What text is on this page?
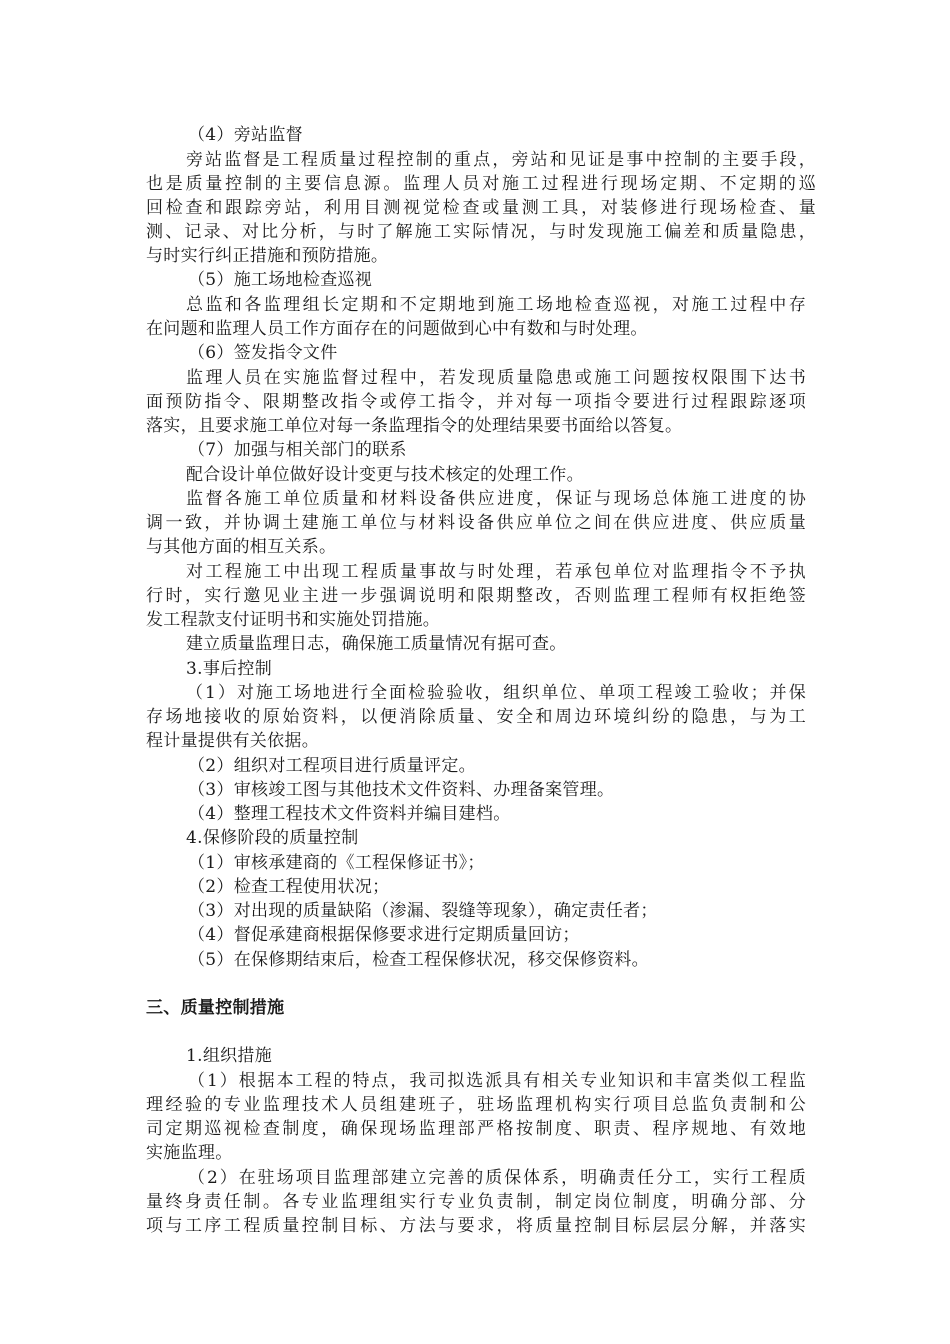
（4）旁站监督
旁站监督是工程质量过程控制的重点，旁站和见证是事中控制的主要手段，
也是质量控制的主要信息源。监理人员对施工过程进行现场定期、不定期的巡
回检查和跟踪旁站，利用目测视觉检查或量测工具，对装修进行现场检查、量
测、记录、对比分析，与时了解施工实际情况，与时发现施工偏差和质量隐患，
与时实行纠正措施和预防措施。
（5）施工场地检查巡视
总监和各监理组长定期和不定期地到施工场地检查巡视，对施工过程中存
在问题和监理人员工作方面存在的问题做到心中有数和与时处理。
（6）签发指令文件
监理人员在实施监督过程中，若发现质量隐患或施工问题按权限围下达书
面预防指令、限期整改指令或停工指令，并对每一项指令要进行过程跟踪逐项
落实，且要求施工单位对每一条监理指令的处理结果要书面给以答复。
（7）加强与相关部门的联系
配合设计单位做好设计变更与技术核定的处理工作。
监督各施工单位质量和材料设备供应进度，保证与现场总体施工进度的协
调一致，并协调土建施工单位与材料设备供应单位之间在供应进度、供应质量
与其他方面的相互关系。
对工程施工中出现工程质量事故与时处理，若承包单位对监理指令不予执
行时，实行邀见业主进一步强调说明和限期整改，否则监理工程师有权拒绝签
发工程款支付证明书和实施处罚措施。
建立质量监理日志，确保施工质量情况有据可查。
3.事后控制
（1）对施工场地进行全面检验验收，组织单位、单项工程竣工验收；并保
存场地接收的原始资料，以便消除质量、安全和周边环境纠纷的隐患，与为工
程计量提供有关依据。
（2）组织对工程项目进行质量评定。
（3）审核竣工图与其他技术文件资料、办理备案管理。
（4）整理工程技术文件资料并编目建档。
4.保修阶段的质量控制
（1）审核承建商的《工程保修证书》；
（2）检查工程使用状况；
（3）对出现的质量缺陷（渗漏、裂缝等现象），确定责任者；
（4）督促承建商根据保修要求进行定期质量回访；
（5）在保修期结束后，检查工程保修状况，移交保修资料。
三、质量控制措施
1.组织措施
（1）根据本工程的特点，我司拟选派具有相关专业知识和丰富类似工程监
理经验的专业监理技术人员组建班子，驻场监理机构实行项目总监负责制和公
司定期巡视检查制度，确保现场监理部严格按制度、职责、程序规地、有效地
实施监理。
（2）在驻场项目监理部建立完善的质保体系，明确责任分工，实行工程质
量终身责任制。各专业监理组实行专业负责制，制定岗位制度，明确分部、分
项与工序工程质量控制目标、方法与要求，将质量控制目标层层分解，并落实
